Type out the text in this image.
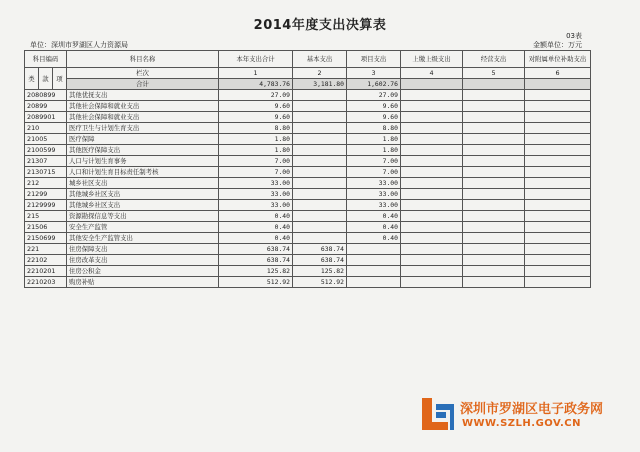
2014年度支出决算表
03表
单位：深圳市罗湖区人力资源局	金额单位：万元
科目编码			科目名称	本年支出合计	基本支出	项目支出	上缴上级支出	经营支出	对附属单位补助支出
类	款	项							
			栏次	1	2	3	4	5	6
			合计	4,783.76	3,181.80	1,602.76			
2080899			其他优抚支出	27.09		27.09			
20899			其他社会保障和就业支出	9.60		9.60			
2089901			其他社会保障和就业支出	9.60		9.60			
210			医疗卫生与计划生育支出	8.80		8.80			
21005			医疗保障	1.80		1.80			
2100599			其他医疗保障支出	1.80		1.80			
21307			人口与计划生育事务	7.00		7.00			
2130715			人口和计划生育目标责任制考核	7.00		7.00			
212			城乡社区支出	33.00		33.00			
21299			其他城乡社区支出	33.00		33.00			
2129999			其他城乡社区支出	33.00		33.00			
215			资源勘探信息等支出	0.40		0.40			
21506			安全生产监管	0.40		0.40			
2150699			其他安全生产监管支出	0.40		0.40			
221			住房保障支出	638.74	638.74				
22102			住房改革支出	638.74	638.74				
2210201			住房公积金	125.82	125.82				
2210203			购房补贴	512.92	512.92				
深圳市罗湖区电子政务网
WWW.SZLH.GOV.CN
